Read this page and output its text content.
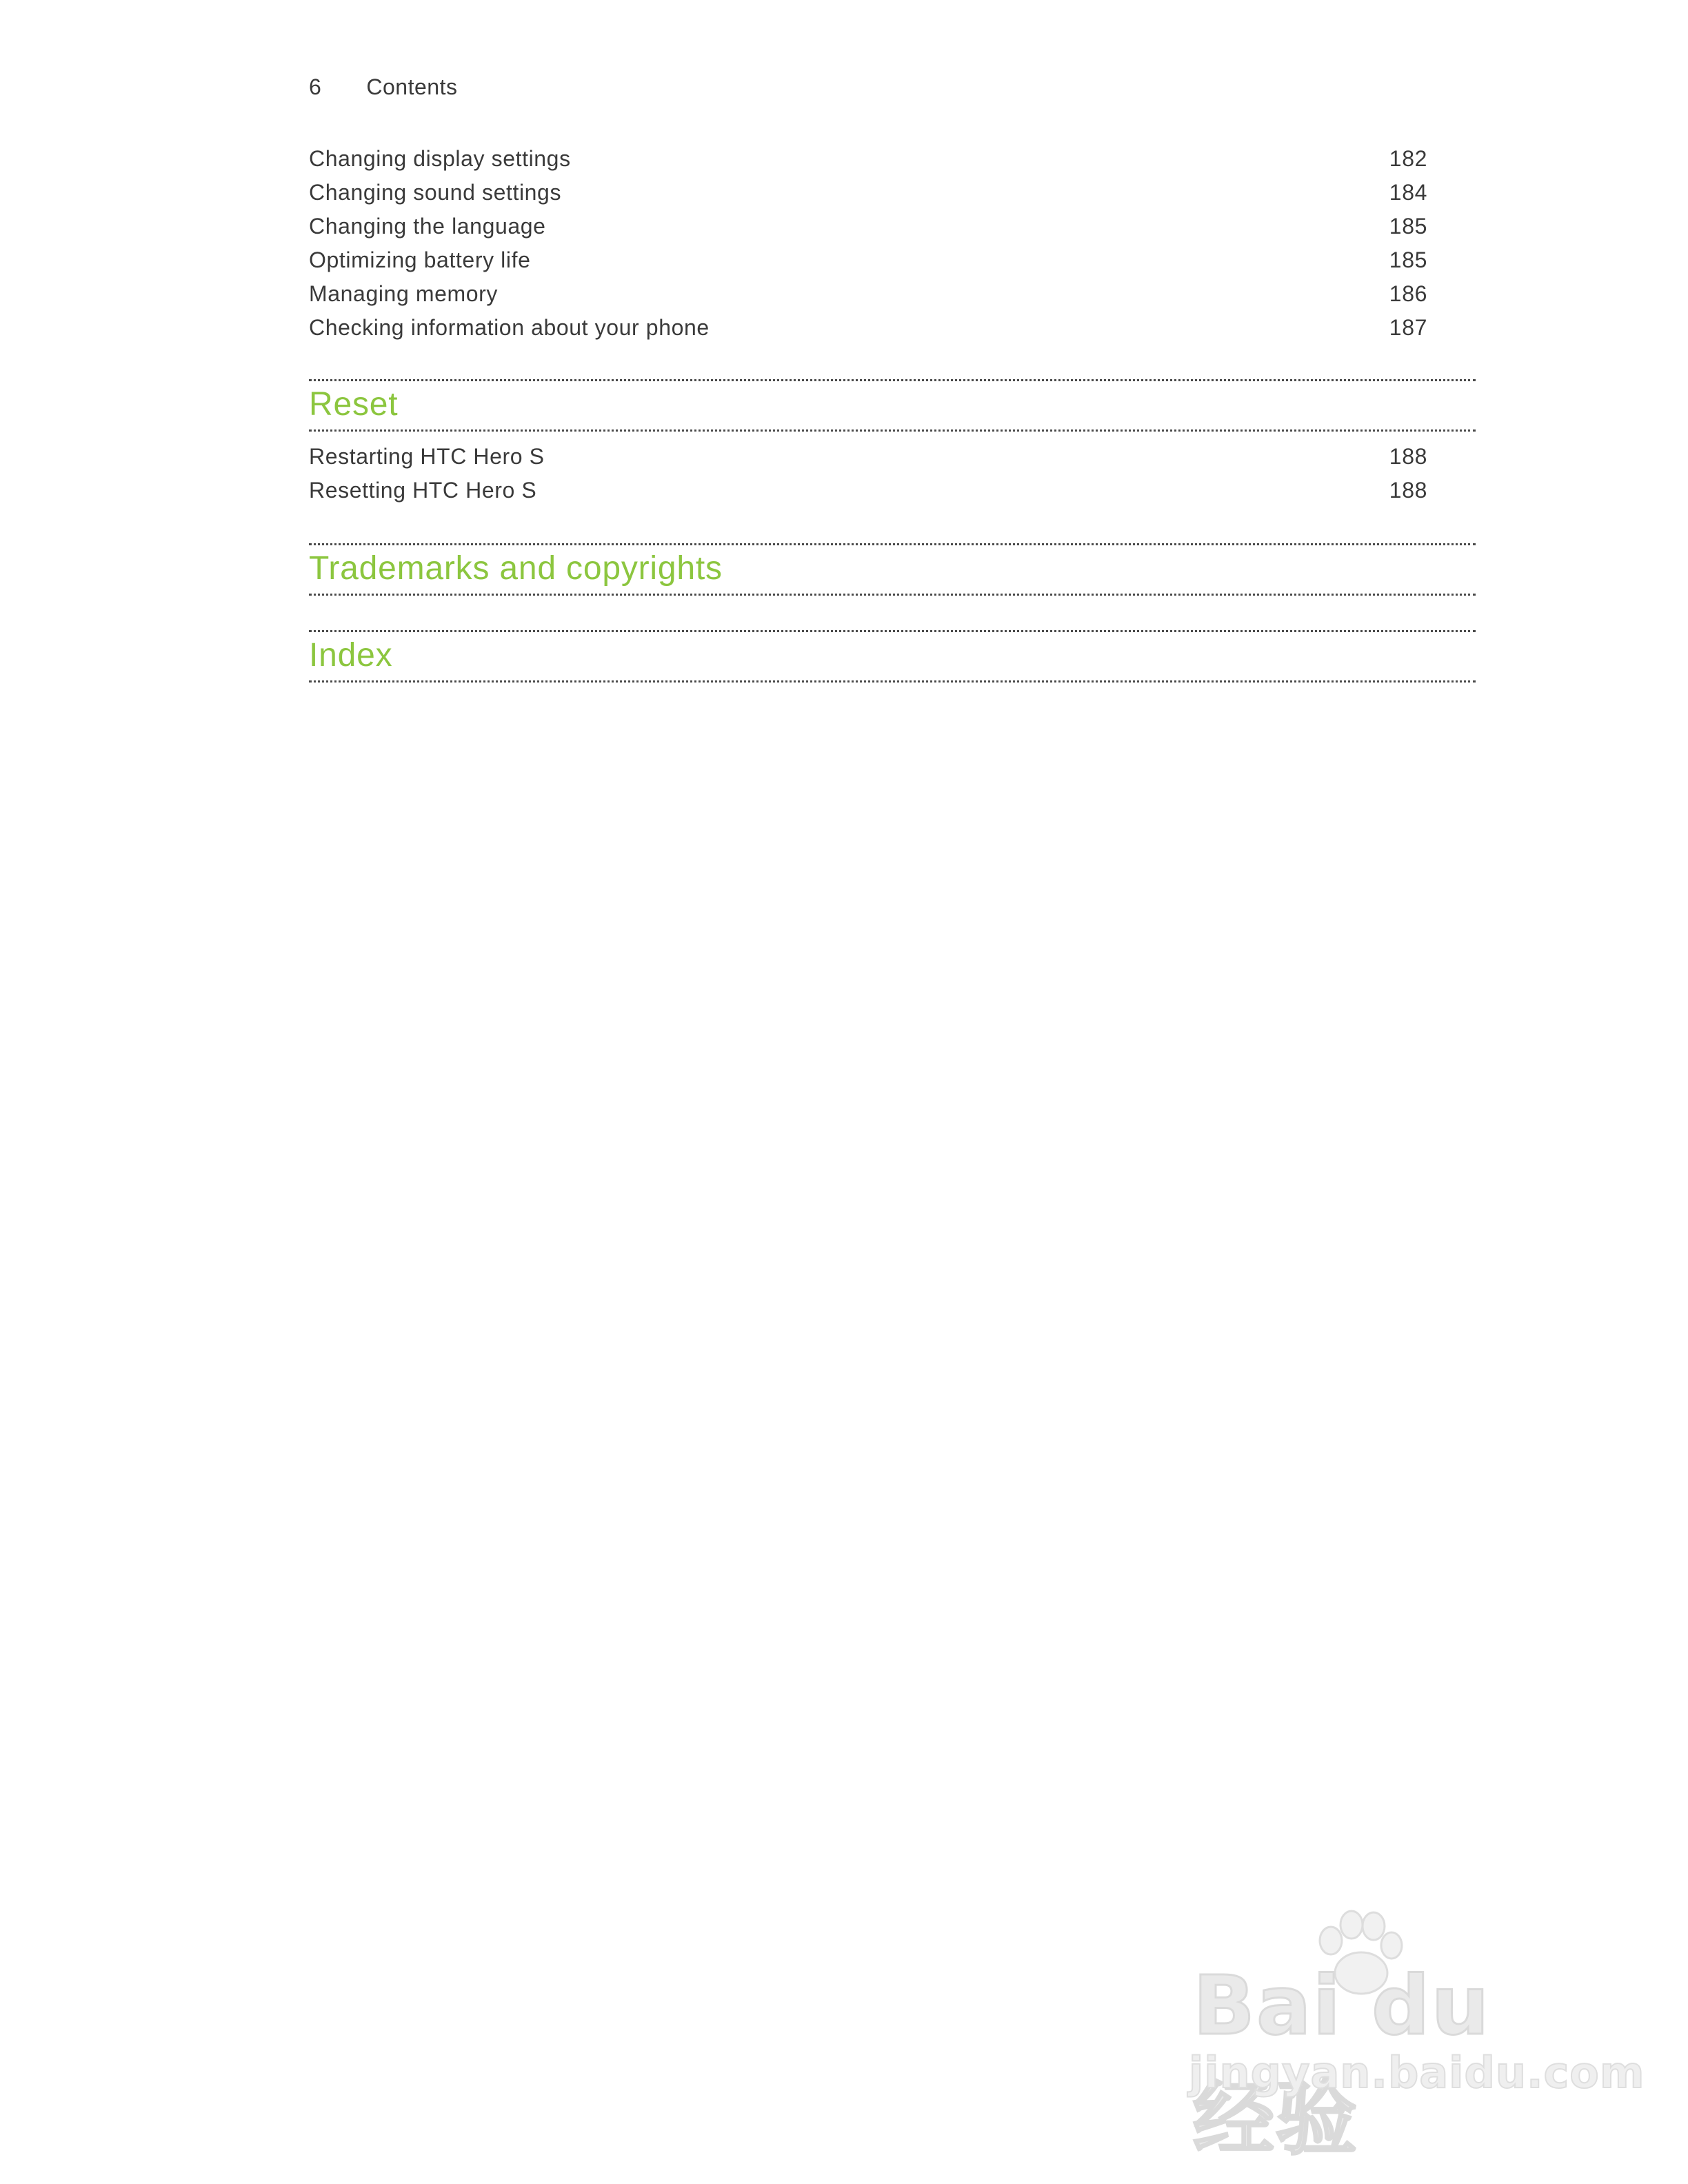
6 Contents
Changing display settings	182
Changing sound settings	184
Changing the language	185
Optimizing battery life	185
Managing memory	186
Checking information about your phone	187
Reset
Restarting HTC Hero S	188
Resetting HTC Hero S	188
Trademarks and copyrights
Index
Bai du 经验
jingyan.baidu.com
